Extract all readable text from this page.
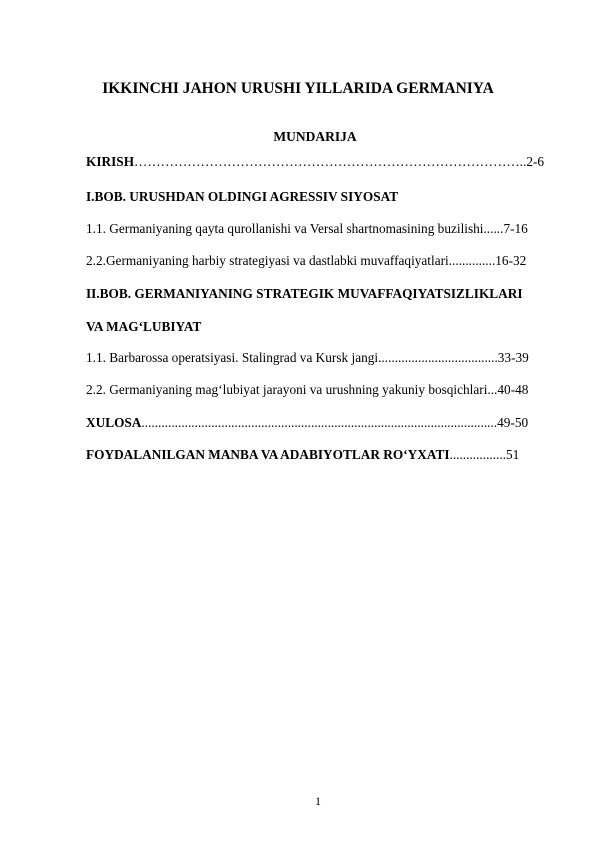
IKKINCHI JAHON URUSHI YILLARIDA GERMANIYA
MUNDARIJA
KIRISH……………………………………………………………………………..2-6
I.BOB. URUSHDAN OLDINGI AGRESSIV SIYOSAT
1.1. Germaniyaning qayta qurollanishi va Versal shartnomasining buzilishi......7-16
2.2.Germaniyaning harbiy strategiyasi va dastlabki muvaffaqiyatlari..............16-32
II.BOB. GERMANIYANING STRATEGIK MUVAFFAQIYATSIZLIKLARI
VA MAG‘LUBIYAT
1.1. Barbarossa operatsiyasi. Stalingrad va Kursk jangi....................................33-39
2.2. Germaniyaning mag‘lubiyat jarayoni va urushning yakuniy bosqichlari...40-48
XULOSA...........................................................................................................49-50
FOYDALANILGAN MANBA VA ADABIYOTLAR RO‘YXATI.................51
1
